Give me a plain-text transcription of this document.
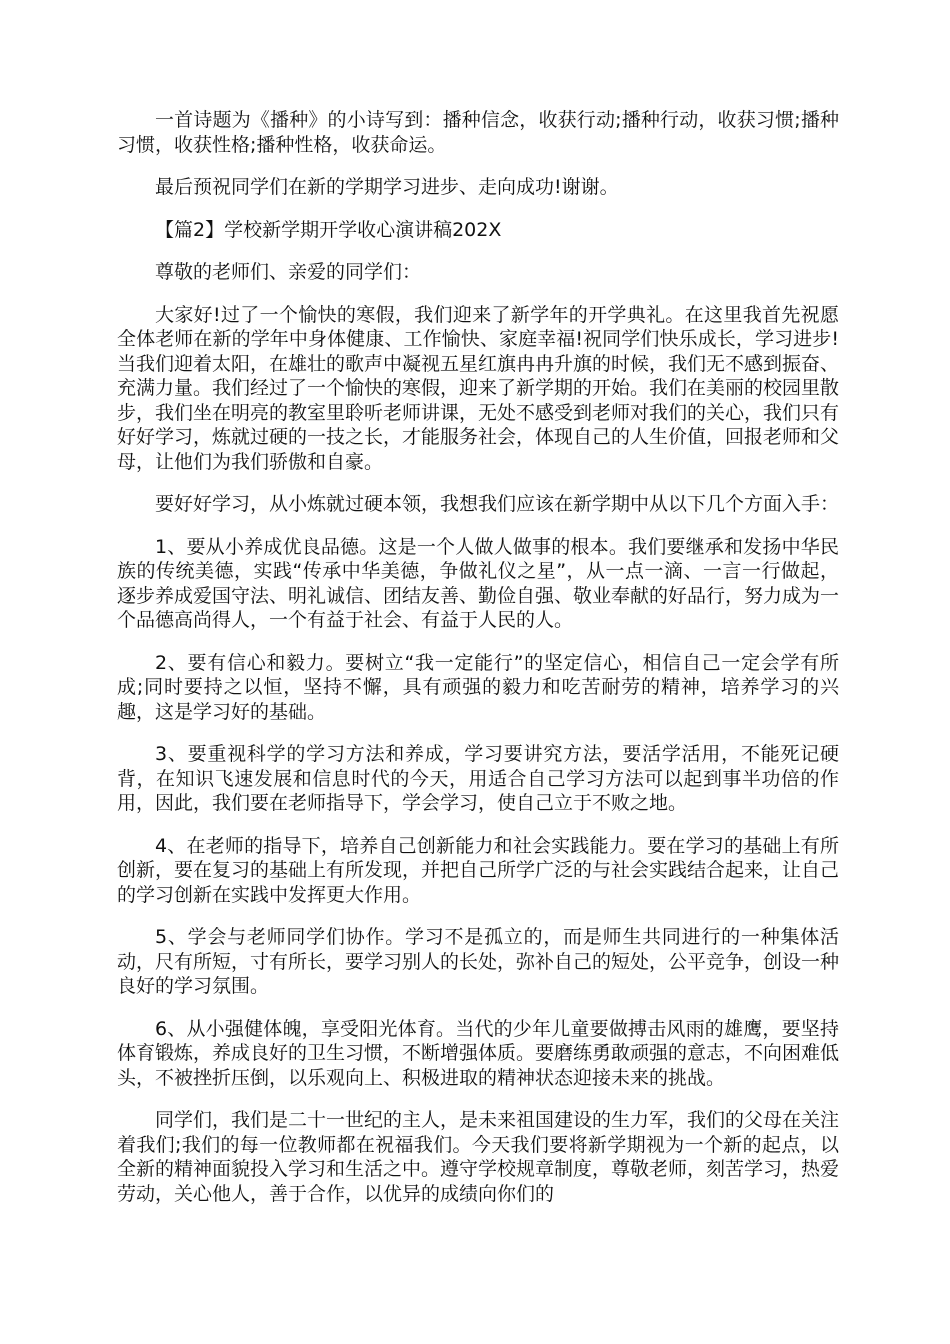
一首诗题为《播种》的小诗写到：播种信念，收获行动;播种行动，收获习惯;播种习惯，收获性格;播种性格，收获命运。

最后预祝同学们在新的学期学习进步、走向成功!谢谢。

【篇2】学校新学期开学收心演讲稿202X

尊敬的老师们、亲爱的同学们：

大家好!过了一个愉快的寒假，我们迎来了新学年的开学典礼。在这里我首先祝愿全体老师在新的学年中身体健康、工作愉快、家庭幸福!祝同学们快乐成长，学习进步! 当我们迎着太阳，在雄壮的歌声中凝视五星红旗冉冉升旗的时候，我们无不感到振奋、充满力量。我们经过了一个愉快的寒假，迎来了新学期的开始。我们在美丽的校园里散步，我们坐在明亮的教室里聆听老师讲课，无处不感受到老师对我们的关心，我们只有好好学习，炼就过硬的一技之长，才能服务社会，体现自己的人生价值，回报老师和父母，让他们为我们骄傲和自豪。

要好好学习，从小炼就过硬本领，我想我们应该在新学期中从以下几个方面入手：

1、要从小养成优良品德。这是一个人做人做事的根本。我们要继承和发扬中华民族的传统美德，实践“传承中华美德，争做礼仪之星”，从一点一滴、一言一行做起，逐步养成爱国守法、明礼诚信、团结友善、勤俭自强、敬业奉献的好品行，努力成为一个品德高尚得人，一个有益于社会、有益于人民的人。

2、要有信心和毅力。要树立“我一定能行”的坚定信心，相信自己一定会学有所成;同时要持之以恒，坚持不懈，具有顽强的毅力和吃苦耐劳的精神，培养学习的兴趣，这是学习好的基础。

3、要重视科学的学习方法和养成，学习要讲究方法，要活学活用，不能死记硬背，在知识飞速发展和信息时代的今天，用适合自己学习方法可以起到事半功倍的作用，因此，我们要在老师指导下，学会学习，使自己立于不败之地。

4、在老师的指导下，培养自己创新能力和社会实践能力。要在学习的基础上有所创新，要在复习的基础上有所发现，并把自己所学广泛的与社会实践结合起来，让自己的学习创新在实践中发挥更大作用。

5、学会与老师同学们协作。学习不是孤立的，而是师生共同进行的一种集体活动，尺有所短，寸有所长，要学习别人的长处，弥补自己的短处，公平竞争，创设一种良好的学习氛围。

6、从小强健体魄，享受阳光体育。当代的少年儿童要做搏击风雨的雄鹰，要坚持体育锻炼，养成良好的卫生习惯，不断增强体质。要磨练勇敢顽强的意志，不向困难低头，不被挫折压倒，以乐观向上、积极进取的精神状态迎接未来的挑战。

同学们，我们是二十一世纪的主人，是未来祖国建设的生力军，我们的父母在关注着我们;我们的每一位教师都在祝福我们。今天我们要将新学期视为一个新的起点，以全新的精神面貌投入学习和生活之中。遵守学校规章制度，尊敬老师，刻苦学习，热爱劳动，关心他人，善于合作，以优异的成绩向你们的
